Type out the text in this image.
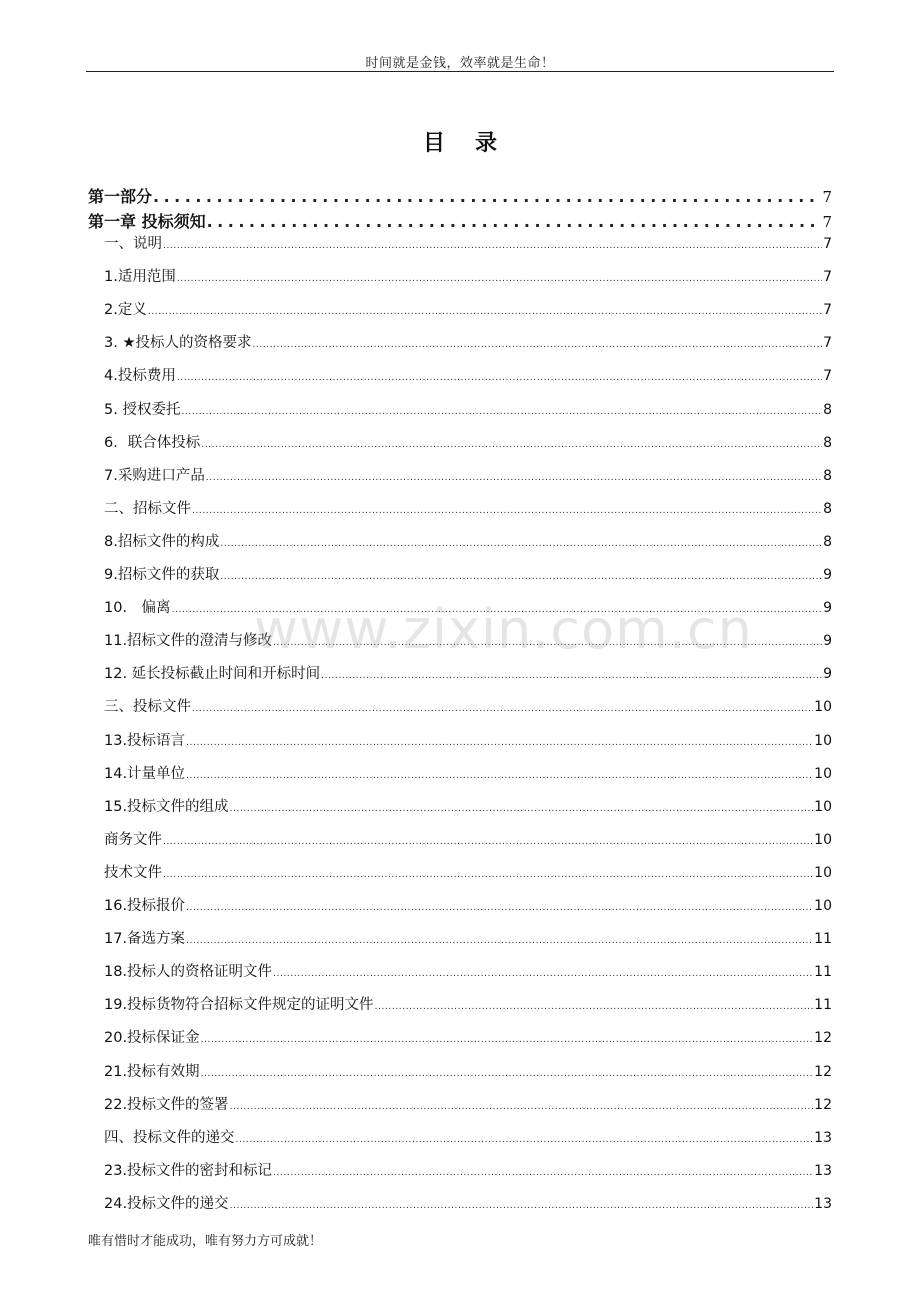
时间就是金钱，效率就是生命！
目录
第一部分 .....	7
第一章 投标须知 .....	7
一、说明 .....	7
1.适用范围 .....	7
2.定义 .....	7
3. ★投标人的资格要求 .....	7
4.投标费用 .....	7
5. 授权委托 .....	8
6．联合体投标 .....	8
7.采购进口产品 .....	8
二、招标文件 .....	8
8.招标文件的构成 .....	8
9.招标文件的获取 .....	9
10． 偏离 .....	9
11.招标文件的澄清与修改 .....	9
12. 延长投标截止时间和开标时间 .....	9
三、投标文件 .....	10
13.投标语言 .....	10
14.计量单位 .....	10
15.投标文件的组成 .....	10
商务文件 .....	10
技术文件 .....	10
16.投标报价 .....	10
17.备选方案 .....	11
18.投标人的资格证明文件 .....	11
19.投标货物符合招标文件规定的证明文件 .....	11
20.投标保证金 .....	12
21.投标有效期 .....	12
22.投标文件的签署 .....	12
四、投标文件的递交 .....	13
23.投标文件的密封和标记 .....	13
24.投标文件的递交 .....	13
www.zixin.com.cn
唯有惜时才能成功，唯有努力方可成就！
